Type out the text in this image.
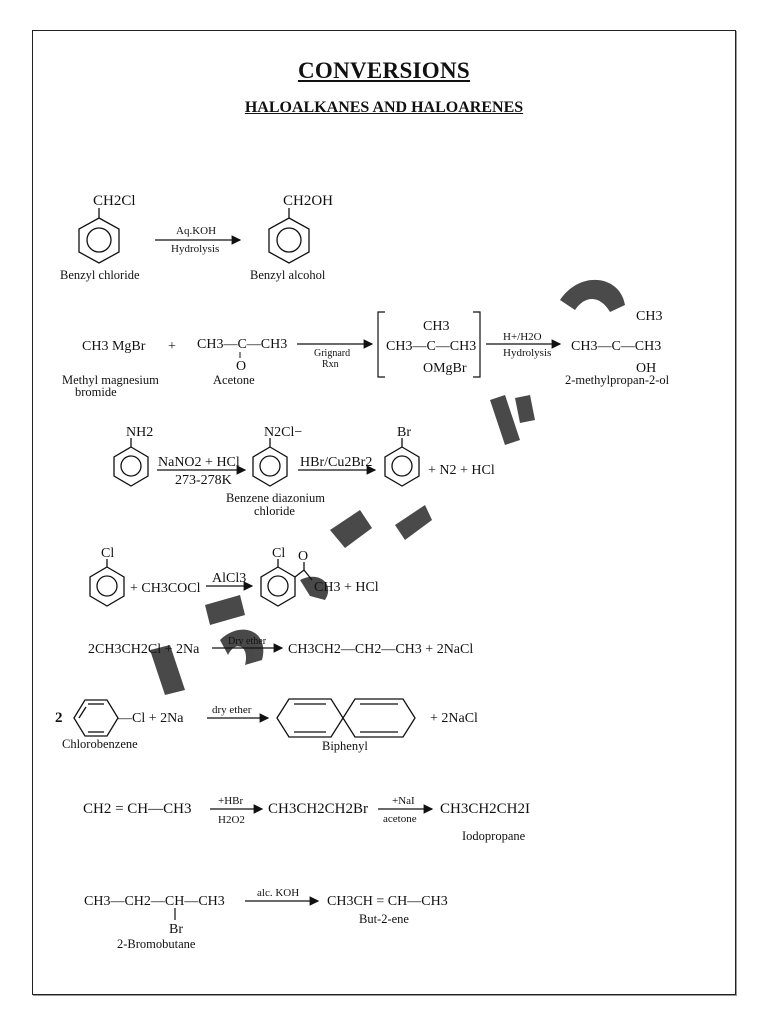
CONVERSIONS
HALOALKANES AND HALOARENES
CH2Cl
Aq.KOH
Hydrolysis
CH2OH
Benzyl chloride	Benzyl alcohol
CH3 MgBr + CH3—C—CH3
O
Grignard
Rxn
CH3
CH3—C—CH3
OMgBr
H+/H2O
Hydrolysis
CH3
CH3—C—CH3
OH
Methyl magnesium
bromide
Acetone	2-methylpropan-2-ol
NH2
NaNO2 + HCl
273-278K
N2Cl−
HBr/Cu2Br2
Br
+ N2 + HCl
Benzene diazonium
chloride
Cl
+ CH3COCl
AlCl3
Cl O
CH3 + HCl
2CH3CH2Cl + 2Na
Dry ether
CH3CH2—CH2—CH3 + 2NaCl
2	—Cl + 2Na
dry ether
+ 2NaCl
Chlorobenzene	Biphenyl
CH2 = CH—CH3 +HBr
H2O2
CH3CH2CH2Br +NaI
acetone
CH3CH2CH2I
Iodopropane
CH3—CH2—CH—CH3
Br
alc. KOH
CH3CH = CH—CH3
But-2-ene
2-Bromobutane
